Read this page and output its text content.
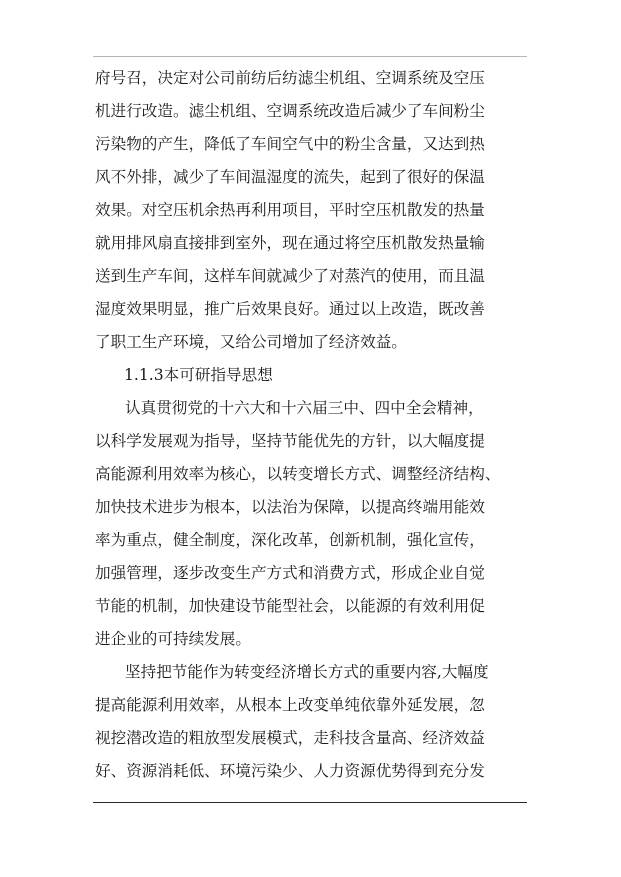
府号召，决定对公司前纺后纺滤尘机组、空调系统及空压
机进行改造。滤尘机组、空调系统改造后减少了车间粉尘
污染物的产生，降低了车间空气中的粉尘含量，又达到热
风不外排，减少了车间温湿度的流失，起到了很好的保温
效果。对空压机余热再利用项目，平时空压机散发的热量
就用排风扇直接排到室外，现在通过将空压机散发热量输
送到生产车间，这样车间就减少了对蒸汽的使用，而且温
湿度效果明显，推广后效果良好。通过以上改造，既改善
了职工生产环境，又给公司增加了经济效益。
1.1.3本可研指导思想
认真贯彻党的十六大和十六届三中、四中全会精神，
以科学发展观为指导，坚持节能优先的方针，以大幅度提
高能源利用效率为核心，以转变增长方式、调整经济结构、
加快技术进步为根本，以法治为保障，以提高终端用能效
率为重点，健全制度，深化改革，创新机制，强化宣传，
加强管理，逐步改变生产方式和消费方式，形成企业自觉
节能的机制，加快建设节能型社会，以能源的有效利用促
进企业的可持续发展。
坚持把节能作为转变经济增长方式的重要内容,大幅度
提高能源利用效率，从根本上改变单纯依靠外延发展，忽
视挖潜改造的粗放型发展模式，走科技含量高、经济效益
好、资源消耗低、环境污染少、人力资源优势得到充分发
